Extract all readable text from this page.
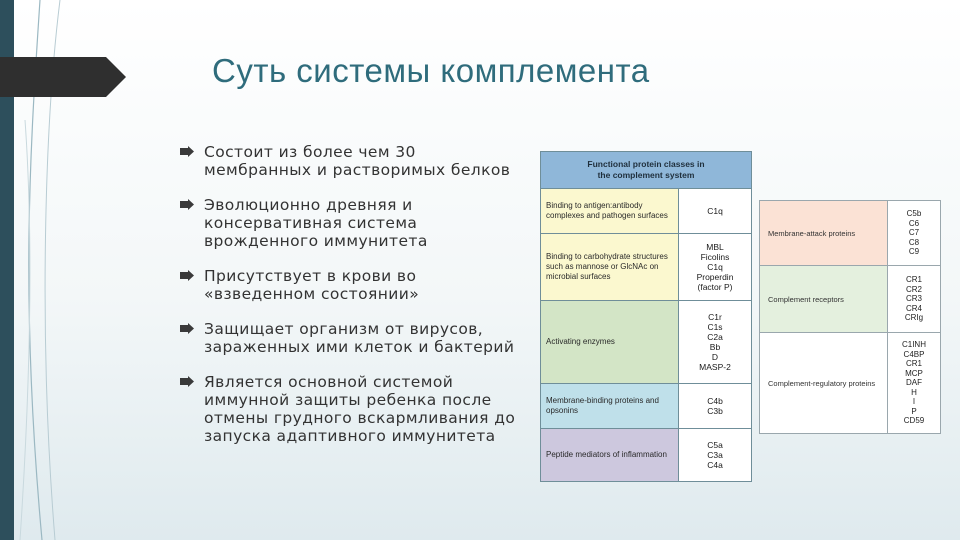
Суть системы комплемента
Состоит из более чем 30 мембранных и растворимых белков
Эволюционно древняя и консервативная система врожденного иммунитета
Присутствует в крови во «взведенном состоянии»
Защищает организм от вирусов, зараженных ими клеток и бактерий
Является основной системой иммунной защиты ребенка после отмены грудного вскармливания до запуска адаптивного иммунитета
Functional protein classes in
the complement system
Binding to antigen:antibody complexes and pathogen surfaces	C1q
Binding to carbohydrate structures such as mannose or GlcNAc on microbial surfaces
MBL
Ficolins
C1q
Properdin
(factor P)
Activating enzymes
C1r
C1s
C2a
Bb
D
MASP-2
Membrane-binding proteins and opsonins
C4b
C3b
Peptide mediators of inflammation
C5a
C3a
C4a
Membrane-attack proteins
C5b
C6
C7
C8
C9
Complement receptors
CR1
CR2
CR3
CR4
CRIg
Complement-regulatory proteins
C1INH
C4BP
CR1
MCP
DAF
H
I
P
CD59
